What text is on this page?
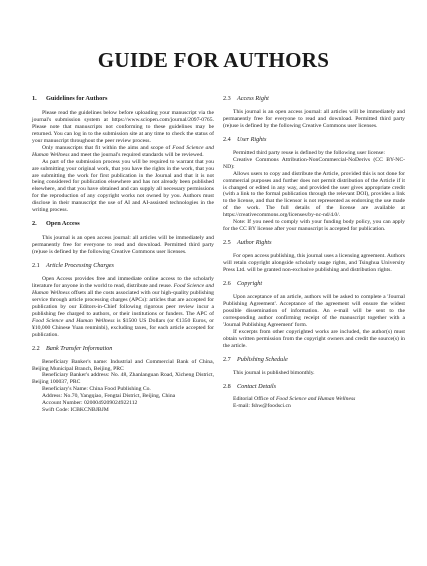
GUIDE FOR AUTHORS
1. Guidelines for Authors

Please read the guidelines below before uploading your manuscript via the journal's submission system at https://www.sciopen.com/journal/2097-0765. Please note that manuscripts not conforming to these guidelines may be returned. You can log in to the submission site at any time to check the status of your manuscript throughout the peer review process.

Only manuscripts that fit within the aims and scope of Food Science and Human Wellness and meet the journal's required standards will be reviewed.

As part of the submission process you will be required to warrant that you are submitting your original work, that you have the rights in the work, that you are submitting the work for first publication in the Journal and that it is not being considered for publication elsewhere and has not already been published elsewhere, and that you have obtained and can supply all necessary permissions for the reproduction of any copyright works not owned by you. Authors must disclose in their manuscript the use of AI and AI-assisted technologies in the writing process.

2. Open Access

This journal is an open access journal: all articles will be immediately and permanently free for everyone to read and download. Permitted third party (re)use is defined by the following Creative Commons user licenses.

2.1 Article Processing Charges

Open Access provides free and immediate online access to the scholarly literature for anyone in the world to read, distribute and reuse. Food Science and Human Wellness offsets all the costs associated with our high-quality publishing service through article processing charges (APCs): articles that are accepted for publication by our Editors-in-Chief following rigorous peer review incur a publishing fee charged to authors, or their institutions or funders. The APC of Food Science and Human Wellness is $1500 US Dollars (or €1350 Euros, or ¥10,000 Chinese Yuan renminbi), excluding taxes, for each article accepted for publication.

2.2 Bank Transfer Information

Beneficiary Banker's name: Industrial and Commercial Bank of China, Beijing Municipal Branch, Beijing, PRC

Beneficiary Banker's address: No. 48, Zhanlanguan Road, Xicheng District, Beijing 100037, PRC

Beneficiary's Name: China Food Publishing Co.
Address: No.70, Yangqiao, Fengtai District, Beijing, China
Account Number: 0200049209024922112
Swift Code: ICBKCNBJBJM
2.3 Access Right

This journal is an open access journal: all articles will be immediately and permanently free for everyone to read and download. Permitted third party (re)use is defined by the following Creative Commons user licenses.

2.4 User Rights

Permitted third party reuse is defined by the following user license:

Creative Commons Attribution-NonCommercial-NoDerivs (CC BY-NC-ND):

Allows users to copy and distribute the Article, provided this is not done for commercial purposes and further does not permit distribution of the Article if it is changed or edited in any way, and provided the user gives appropriate credit (with a link to the formal publication through the relevant DOI), provides a link to the license, and that the licensor is not represented as endorsing the use made of the work. The full details of the license are available at https://creativecommons.org/licenses/by-nc-nd/4.0/.

Note: If you need to comply with your funding body policy, you can apply for the CC BY license after your manuscript is accepted for publication.

2.5 Author Rights

For open access publishing, this journal uses a licensing agreement. Authors will retain copyright alongside scholarly usage rights, and Tsinghua University Press Ltd. will be granted non-exclusive publishing and distribution rights.

2.6 Copyright

Upon acceptance of an article, authors will be asked to complete a 'Journal Publishing Agreement'. Acceptance of the agreement will ensure the widest possible dissemination of information. An e-mail will be sent to the corresponding author confirming receipt of the manuscript together with a 'Journal Publishing Agreement' form.

If excerpts from other copyrighted works are included, the author(s) must obtain written permission from the copyright owners and credit the source(s) in the article.

2.7 Publishing Schedule

This journal is published bimonthly.

2.8 Contact Details
Editorial Office of Food Science and Human Wellness
E-mail: fshw@foodsci.cn
